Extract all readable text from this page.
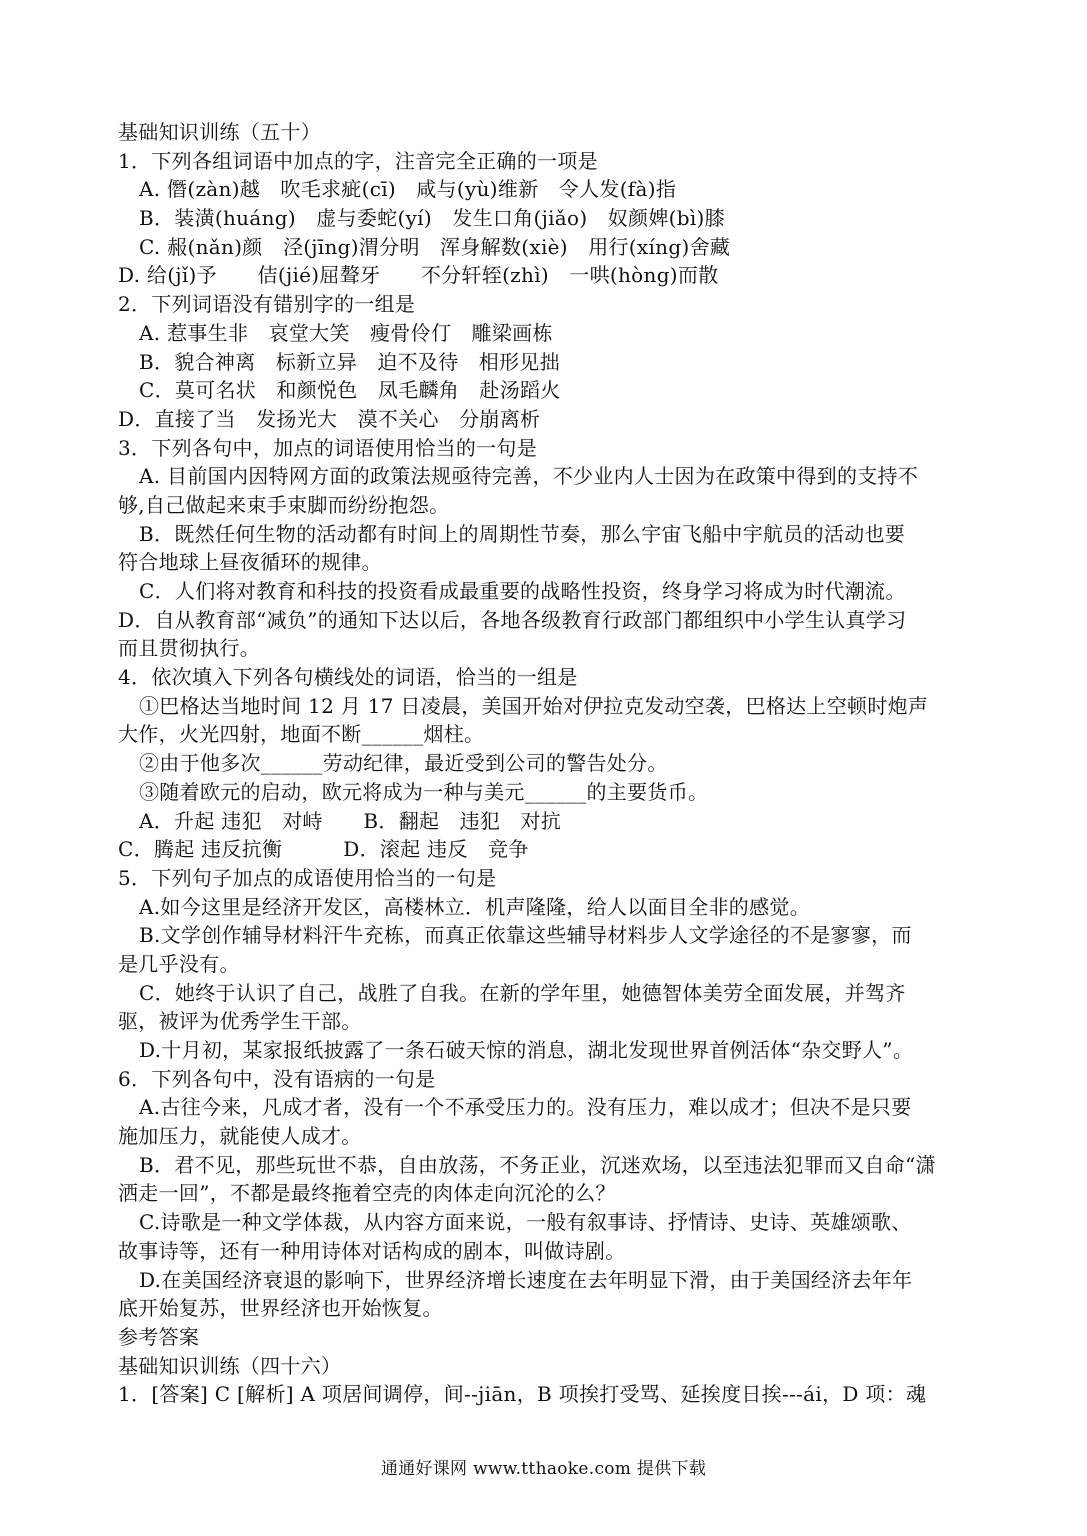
基础知识训练（五十）
1．下列各组词语中加点的字，注音完全正确的一项是
A. 僭(zàn)越　吹毛求疵(cī)　咸与(yù)维新　令人发(fà)指
B．装潢(huáng)　虚与委蛇(yí)　发生口角(jiǎo)　奴颜婢(bì)膝
C. 赧(nǎn)颜　泾(jīng)渭分明　浑身解数(xiè)　用行(xíng)舍藏
D. 给(jǐ)予　　佶(jié)屈聱牙　　不分轩轾(zhì)　一哄(hòng)而散
2．下列词语没有错别字的一组是
A. 惹事生非　哀堂大笑　瘦骨伶仃　雕梁画栋
B．貌合神离　标新立异　迫不及待　相形见拙
C．莫可名状　和颜悦色　凤毛麟角　赴汤蹈火
D．直接了当　发扬光大　漠不关心　分崩离析
3．下列各句中，加点的词语使用恰当的一句是
A. 目前国内因特网方面的政策法规亟待完善，不少业内人士因为在政策中得到的支持不
够,自己做起来束手束脚而纷纷抱怨。
B．既然任何生物的活动都有时间上的周期性节奏，那么宇宙飞船中宇航员的活动也要
符合地球上昼夜循环的规律。
C．人们将对教育和科技的投资看成最重要的战略性投资，终身学习将成为时代潮流。
D．自从教育部“减负”的通知下达以后，各地各级教育行政部门都组织中小学生认真学习
而且贯彻执行。
4．依次填入下列各句横线处的词语，恰当的一组是
①巴格达当地时间 12 月 17 日凌晨，美国开始对伊拉克发动空袭，巴格达上空顿时炮声
大作，火光四射，地面不断______烟柱。
②由于他多次______劳动纪律，最近受到公司的警告处分。
③随着欧元的启动，欧元将成为一种与美元______的主要货币。
A．升起 违犯　对峙　　B．翻起　违犯　对抗
C．腾起 违反抗衡　　　D．滚起 违反　竞争
5．下列句子加点的成语使用恰当的一句是
A.如今这里是经济开发区，高楼林立．机声隆隆，给人以面目全非的感觉。
B.文学创作辅导材料汗牛充栋，而真正依靠这些辅导材料步人文学途径的不是寥寥，而
是几乎没有。
C．她终于认识了自己，战胜了自我。在新的学年里，她德智体美劳全面发展，并驾齐
驱，被评为优秀学生干部。
D.十月初，某家报纸披露了一条石破天惊的消息，湖北发现世界首例活体“杂交野人”。
6．下列各句中，没有语病的一句是
A.古往今来，凡成才者，没有一个不承受压力的。没有压力，难以成才；但决不是只要
施加压力，就能使人成才。
B．君不见，那些玩世不恭，自由放荡，不务正业，沉迷欢场，以至违法犯罪而又自命“潇
洒走一回”，不都是最终拖着空壳的肉体走向沉沦的么？
C.诗歌是一种文学体裁，从内容方面来说，一般有叙事诗、抒情诗、史诗、英雄颂歌、
故事诗等，还有一种用诗体对话构成的剧本，叫做诗剧。
D.在美国经济衰退的影响下，世界经济增长速度在去年明显下滑，由于美国经济去年年
底开始复苏，世界经济也开始恢复。
参考答案
基础知识训练（四十六）
1．[答案] C [解析] A 项居间调停，间--jiān，B 项挨打受骂、延挨度日挨---ái，D 项：魂
通通好课网 www.tthaoke.com 提供下载
